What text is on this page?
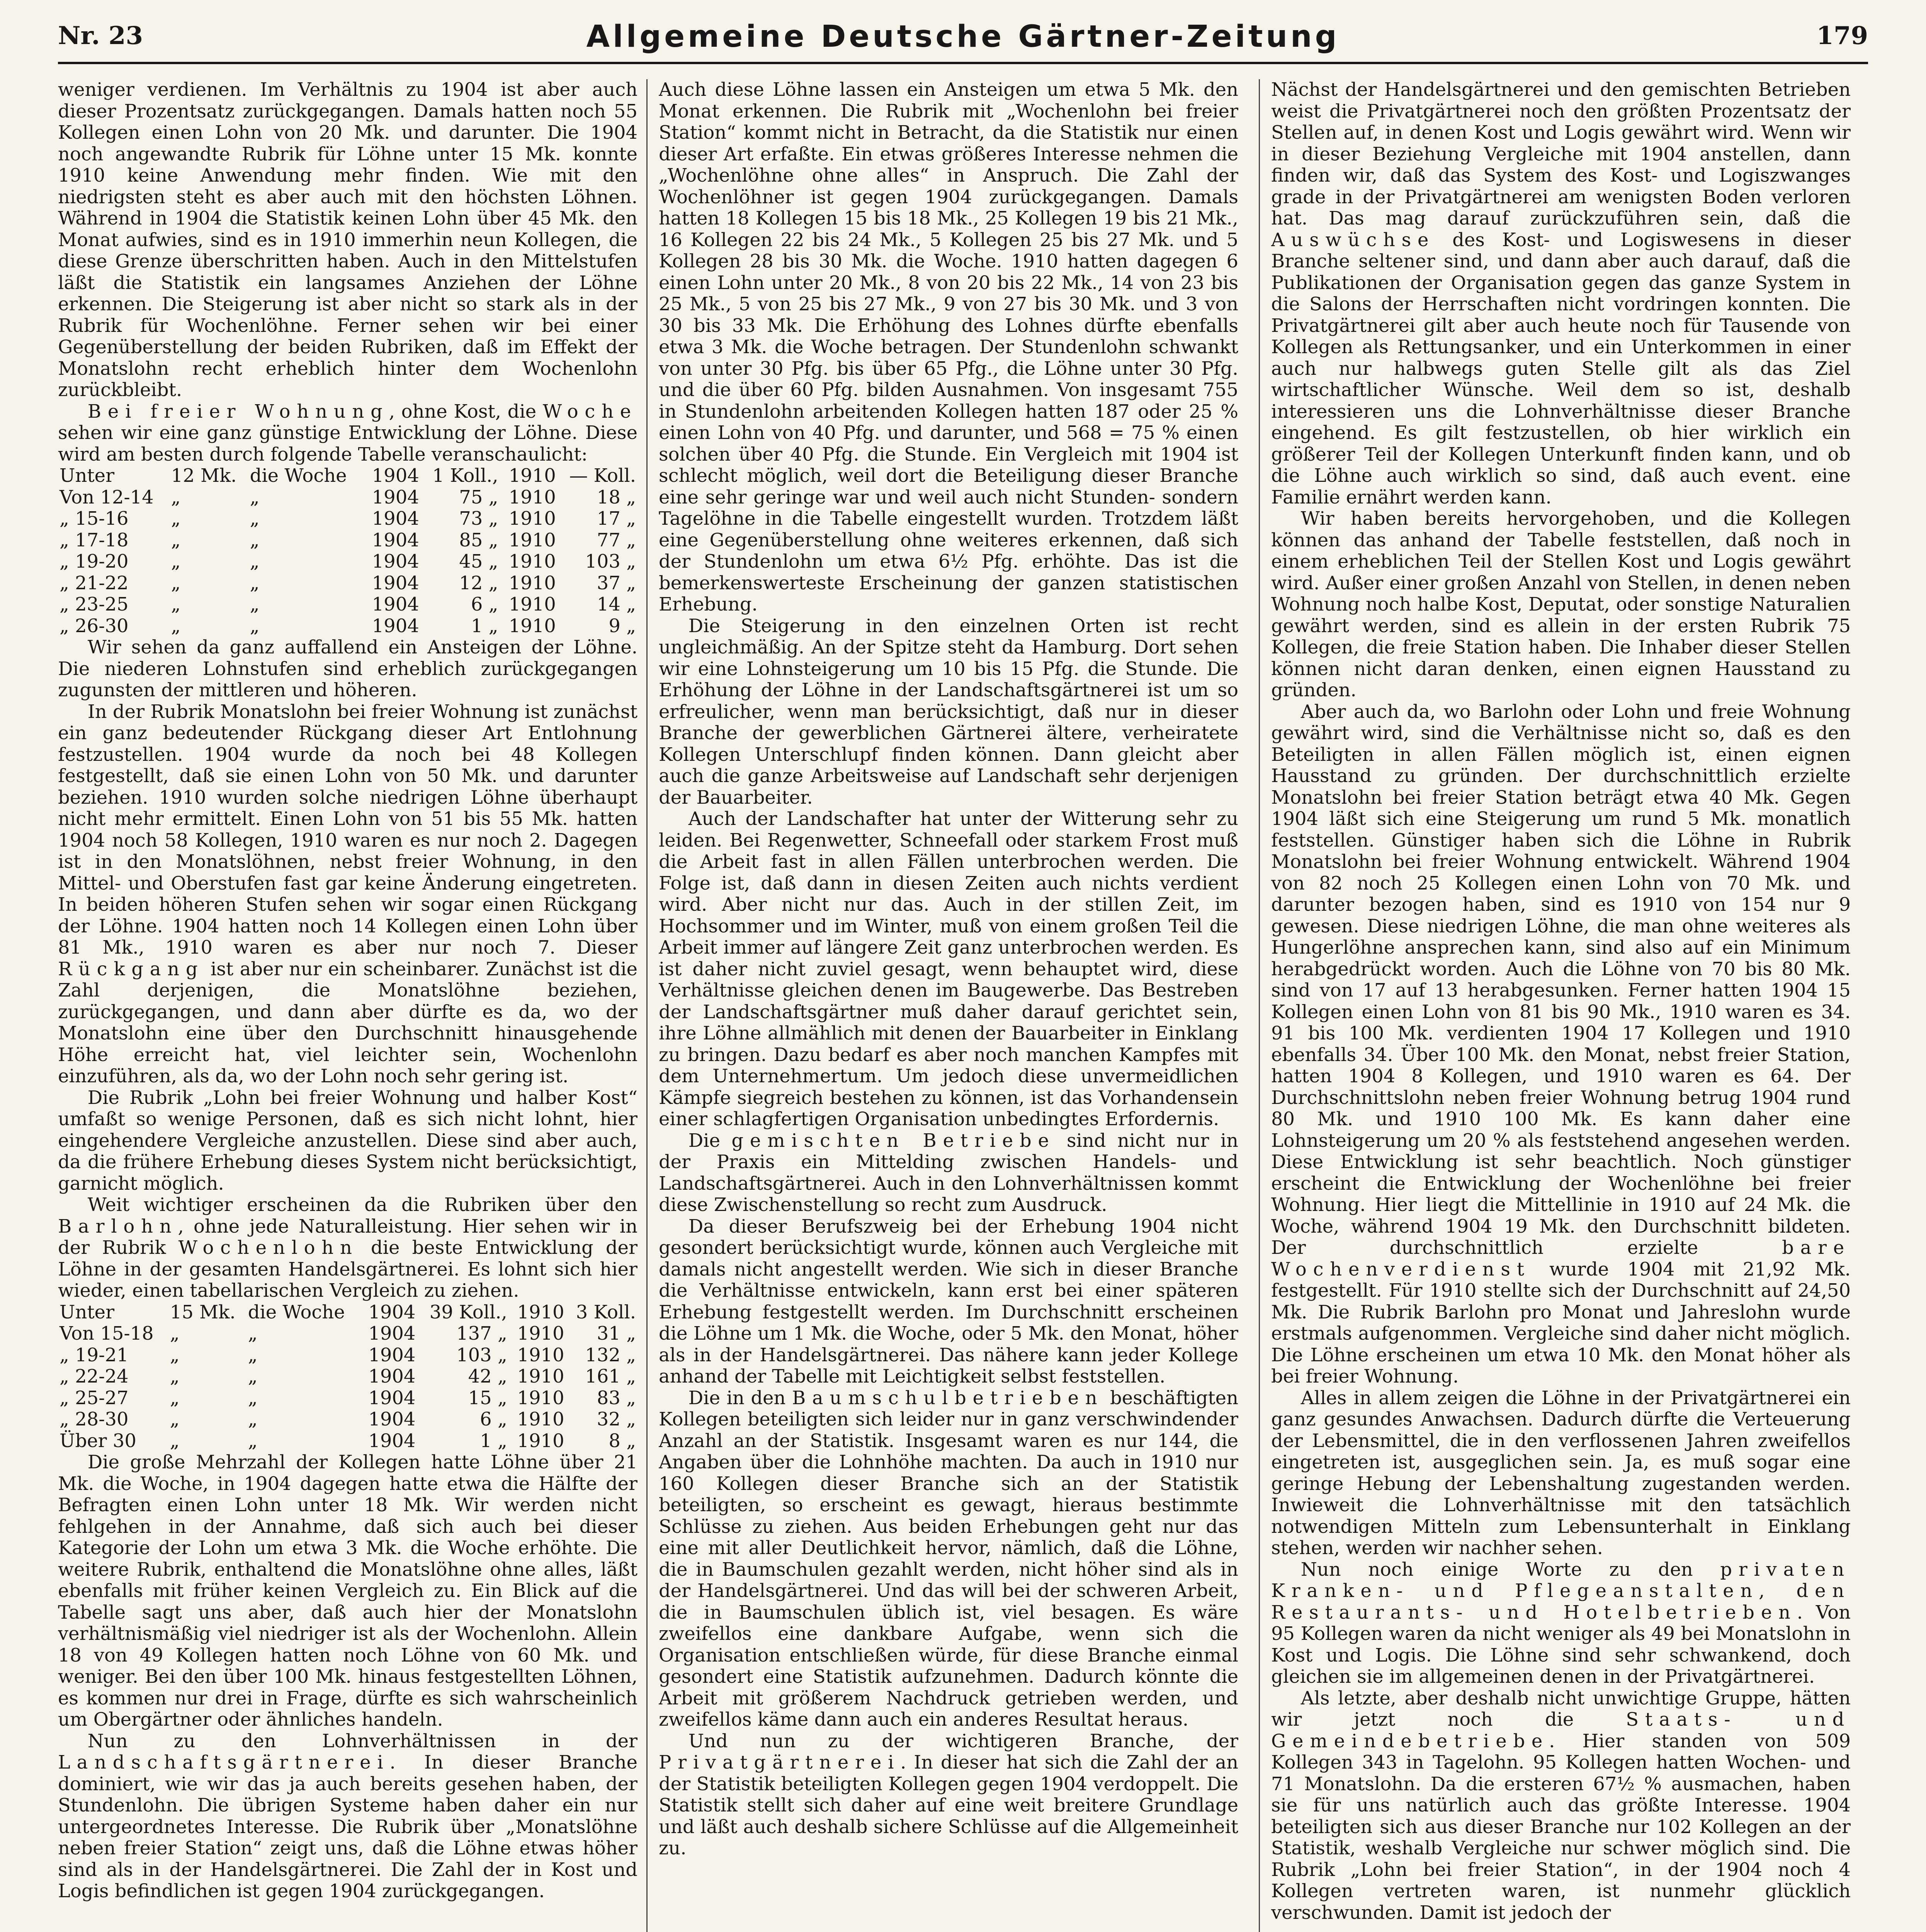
Nr. 23	Allgemeine Deutsche Gärtner-Zeitung	179

weniger verdienen. Im Verhältnis zu 1904 ist aber auch dieser Prozentsatz zurückgegangen. Damals hatten noch 55 Kollegen einen Lohn von 20 Mk. und darunter. Die 1904 noch angewandte Rubrik für Löhne unter 15 Mk. konnte 1910 keine Anwendung mehr finden. Wie mit den niedrigsten steht es aber auch mit den höchsten Löhnen. Während in 1904 die Statistik keinen Lohn über 45 Mk. den Monat aufwies, sind es in 1910 immerhin neun Kollegen, die diese Grenze überschritten haben. Auch in den Mittelstufen läßt die Statistik ein langsames Anziehen der Löhne erkennen. Die Steigerung ist aber nicht so stark als in der Rubrik für Wochenlöhne. Ferner sehen wir bei einer Gegenüberstellung der beiden Rubriken, daß im Effekt der Monatslohn recht erheblich hinter dem Wochenlohn zurückbleibt.

Bei freier Wohnung, ohne Kost, die Woche sehen wir eine ganz günstige Entwicklung der Löhne. Diese wird am besten durch folgende Tabelle veranschaulicht:

Unter	12 Mk.	die Woche	1904	1 Koll.,	1910	— Koll.
Von 12-14	„	„	1904	75 „	1910	18 „
„ 15-16	„	„	1904	73 „	1910	17 „
„ 17-18	„	„	1904	85 „	1910	77 „
„ 19-20	„	„	1904	45 „	1910	103 „
„ 21-22	„	„	1904	12 „	1910	37 „
„ 23-25	„	„	1904	6 „	1910	14 „
„ 26-30	„	„	1904	1 „	1910	9 „

Wir sehen da ganz auffallend ein Ansteigen der Löhne. Die niederen Lohnstufen sind erheblich zurückgegangen zugunsten der mittleren und höheren.

In der Rubrik Monatslohn bei freier Wohnung ist zunächst ein ganz bedeutender Rückgang dieser Art Entlohnung festzustellen. 1904 wurde da noch bei 48 Kollegen festgestellt, daß sie einen Lohn von 50 Mk. und darunter beziehen. 1910 wurden solche niedrigen Löhne überhaupt nicht mehr ermittelt. Einen Lohn von 51 bis 55 Mk. hatten 1904 noch 58 Kollegen, 1910 waren es nur noch 2. Dagegen ist in den Monatslöhnen, nebst freier Wohnung, in den Mittel- und Oberstufen fast gar keine Änderung eingetreten. In beiden höheren Stufen sehen wir sogar einen Rückgang der Löhne. 1904 hatten noch 14 Kollegen einen Lohn über 81 Mk., 1910 waren es aber nur noch 7. Dieser Rückgang ist aber nur ein scheinbarer. Zunächst ist die Zahl derjenigen, die Monatslöhne beziehen, zurückgegangen, und dann aber dürfte es da, wo der Monatslohn eine über den Durchschnitt hinausgehende Höhe erreicht hat, viel leichter sein, Wochenlohn einzuführen, als da, wo der Lohn noch sehr gering ist.

Die Rubrik „Lohn bei freier Wohnung und halber Kost“ umfaßt so wenige Personen, daß es sich nicht lohnt, hier eingehendere Vergleiche anzustellen. Diese sind aber auch, da die frühere Erhebung dieses System nicht berücksichtigt, garnicht möglich.

Weit wichtiger erscheinen da die Rubriken über den Barlohn, ohne jede Naturalleistung. Hier sehen wir in der Rubrik Wochenlohn die beste Entwicklung der Löhne in der gesamten Handelsgärtnerei. Es lohnt sich hier wieder, einen tabellarischen Vergleich zu ziehen.

Unter	15 Mk.	die Woche	1904	39 Koll.,	1910	3 Koll.
Von 15-18	„	„	1904	137 „	1910	31 „
„ 19-21	„	„	1904	103 „	1910	132 „
„ 22-24	„	„	1904	42 „	1910	161 „
„ 25-27	„	„	1904	15 „	1910	83 „
„ 28-30	„	„	1904	6 „	1910	32 „
Über 30	„	„	1904	1 „	1910	8 „

Die große Mehrzahl der Kollegen hatte Löhne über 21 Mk. die Woche, in 1904 dagegen hatte etwa die Hälfte der Befragten einen Lohn unter 18 Mk. Wir werden nicht fehlgehen in der Annahme, daß sich auch bei dieser Kategorie der Lohn um etwa 3 Mk. die Woche erhöhte. Die weitere Rubrik, enthaltend die Monatslöhne ohne alles, läßt ebenfalls mit früher keinen Vergleich zu. Ein Blick auf die Tabelle sagt uns aber, daß auch hier der Monatslohn verhältnismäßig viel niedriger ist als der Wochenlohn. Allein 18 von 49 Kollegen hatten noch Löhne von 60 Mk. und weniger. Bei den über 100 Mk. hinaus festgestellten Löhnen, es kommen nur drei in Frage, dürfte es sich wahrscheinlich um Obergärtner oder ähnliches handeln.

Nun zu den Lohnverhältnissen in der Landschaftsgärtnerei. In dieser Branche dominiert, wie wir das ja auch bereits gesehen haben, der Stundenlohn. Die übrigen Systeme haben daher ein nur untergeordnetes Interesse. Die Rubrik über „Monatslöhne neben freier Station“ zeigt uns, daß die Löhne etwas höher sind als in der Handelsgärtnerei. Die Zahl der in Kost und Logis befindlichen ist gegen 1904 zurückgegangen.

Auch diese Löhne lassen ein Ansteigen um etwa 5 Mk. den Monat erkennen. Die Rubrik mit „Wochenlohn bei freier Station“ kommt nicht in Betracht, da die Statistik nur einen dieser Art erfaßte. Ein etwas größeres Interesse nehmen die „Wochenlöhne ohne alles“ in Anspruch. Die Zahl der Wochenlöhner ist gegen 1904 zurückgegangen. Damals hatten 18 Kollegen 15 bis 18 Mk., 25 Kollegen 19 bis 21 Mk., 16 Kollegen 22 bis 24 Mk., 5 Kollegen 25 bis 27 Mk. und 5 Kollegen 28 bis 30 Mk. die Woche. 1910 hatten dagegen 6 einen Lohn unter 20 Mk., 8 von 20 bis 22 Mk., 14 von 23 bis 25 Mk., 5 von 25 bis 27 Mk., 9 von 27 bis 30 Mk. und 3 von 30 bis 33 Mk. Die Erhöhung des Lohnes dürfte ebenfalls etwa 3 Mk. die Woche betragen. Der Stundenlohn schwankt von unter 30 Pfg. bis über 65 Pfg., die Löhne unter 30 Pfg. und die über 60 Pfg. bilden Ausnahmen. Von insgesamt 755 in Stundenlohn arbeitenden Kollegen hatten 187 oder 25 % einen Lohn von 40 Pfg. und darunter, und 568 = 75 % einen solchen über 40 Pfg. die Stunde. Ein Vergleich mit 1904 ist schlecht möglich, weil dort die Beteiligung dieser Branche eine sehr geringe war und weil auch nicht Stunden- sondern Tagelöhne in die Tabelle eingestellt wurden. Trotzdem läßt eine Gegenüberstellung ohne weiteres erkennen, daß sich der Stundenlohn um etwa 6½ Pfg. erhöhte. Das ist die bemerkenswerteste Erscheinung der ganzen statistischen Erhebung.

Die Steigerung in den einzelnen Orten ist recht ungleichmäßig. An der Spitze steht da Hamburg. Dort sehen wir eine Lohnsteigerung um 10 bis 15 Pfg. die Stunde. Die Erhöhung der Löhne in der Landschaftsgärtnerei ist um so erfreulicher, wenn man berücksichtigt, daß nur in dieser Branche der gewerblichen Gärtnerei ältere, verheiratete Kollegen Unterschlupf finden können. Dann gleicht aber auch die ganze Arbeitsweise auf Landschaft sehr derjenigen der Bauarbeiter.

Auch der Landschafter hat unter der Witterung sehr zu leiden. Bei Regenwetter, Schneefall oder starkem Frost muß die Arbeit fast in allen Fällen unterbrochen werden. Die Folge ist, daß dann in diesen Zeiten auch nichts verdient wird. Aber nicht nur das. Auch in der stillen Zeit, im Hochsommer und im Winter, muß von einem großen Teil die Arbeit immer auf längere Zeit ganz unterbrochen werden. Es ist daher nicht zuviel gesagt, wenn behauptet wird, diese Verhältnisse gleichen denen im Baugewerbe. Das Bestreben der Landschaftsgärtner muß daher darauf gerichtet sein, ihre Löhne allmählich mit denen der Bauarbeiter in Einklang zu bringen. Dazu bedarf es aber noch manchen Kampfes mit dem Unternehmertum. Um jedoch diese unvermeidlichen Kämpfe siegreich bestehen zu können, ist das Vorhandensein einer schlagfertigen Organisation unbedingtes Erfordernis.

Die gemischten Betriebe sind nicht nur in der Praxis ein Mittelding zwischen Handels- und Landschaftsgärtnerei. Auch in den Lohnverhältnissen kommt diese Zwischenstellung so recht zum Ausdruck.

Da dieser Berufszweig bei der Erhebung 1904 nicht gesondert berücksichtigt wurde, können auch Vergleiche mit damals nicht angestellt werden. Wie sich in dieser Branche die Verhältnisse entwickeln, kann erst bei einer späteren Erhebung festgestellt werden. Im Durchschnitt erscheinen die Löhne um 1 Mk. die Woche, oder 5 Mk. den Monat, höher als in der Handelsgärtnerei. Das nähere kann jeder Kollege anhand der Tabelle mit Leichtigkeit selbst feststellen.

Die in den Baumschulbetrieben beschäftigten Kollegen beteiligten sich leider nur in ganz verschwindender Anzahl an der Statistik. Insgesamt waren es nur 144, die Angaben über die Lohnhöhe machten. Da auch in 1910 nur 160 Kollegen dieser Branche sich an der Statistik beteiligten, so erscheint es gewagt, hieraus bestimmte Schlüsse zu ziehen. Aus beiden Erhebungen geht nur das eine mit aller Deutlichkeit hervor, nämlich, daß die Löhne, die in Baumschulen gezahlt werden, nicht höher sind als in der Handelsgärtnerei. Und das will bei der schweren Arbeit, die in Baumschulen üblich ist, viel besagen. Es wäre zweifellos eine dankbare Aufgabe, wenn sich die Organisation entschließen würde, für diese Branche einmal gesondert eine Statistik aufzunehmen. Dadurch könnte die Arbeit mit größerem Nachdruck getrieben werden, und zweifellos käme dann auch ein anderes Resultat heraus.

Und nun zu der wichtigeren Branche, der Privatgärtnerei. In dieser hat sich die Zahl der an der Statistik beteiligten Kollegen gegen 1904 verdoppelt. Die Statistik stellt sich daher auf eine weit breitere Grundlage und läßt auch deshalb sichere Schlüsse auf die Allgemeinheit zu.

Nächst der Handelsgärtnerei und den gemischten Betrieben weist die Privatgärtnerei noch den größten Prozentsatz der Stellen auf, in denen Kost und Logis gewährt wird. Wenn wir in dieser Beziehung Vergleiche mit 1904 anstellen, dann finden wir, daß das System des Kost- und Logiszwanges grade in der Privatgärtnerei am wenigsten Boden verloren hat. Das mag darauf zurückzuführen sein, daß die Auswüchse des Kost- und Logiswesens in dieser Branche seltener sind, und dann aber auch darauf, daß die Publikationen der Organisation gegen das ganze System in die Salons der Herrschaften nicht vordringen konnten. Die Privatgärtnerei gilt aber auch heute noch für Tausende von Kollegen als Rettungsanker, und ein Unterkommen in einer auch nur halbwegs guten Stelle gilt als das Ziel wirtschaftlicher Wünsche. Weil dem so ist, deshalb interessieren uns die Lohnverhältnisse dieser Branche eingehend. Es gilt festzustellen, ob hier wirklich ein größerer Teil der Kollegen Unterkunft finden kann, und ob die Löhne auch wirklich so sind, daß auch event. eine Familie ernährt werden kann.

Wir haben bereits hervorgehoben, und die Kollegen können das anhand der Tabelle feststellen, daß noch in einem erheblichen Teil der Stellen Kost und Logis gewährt wird. Außer einer großen Anzahl von Stellen, in denen neben Wohnung noch halbe Kost, Deputat, oder sonstige Naturalien gewährt werden, sind es allein in der ersten Rubrik 75 Kollegen, die freie Station haben. Die Inhaber dieser Stellen können nicht daran denken, einen eignen Hausstand zu gründen.

Aber auch da, wo Barlohn oder Lohn und freie Wohnung gewährt wird, sind die Verhältnisse nicht so, daß es den Beteiligten in allen Fällen möglich ist, einen eignen Hausstand zu gründen. Der durchschnittlich erzielte Monatslohn bei freier Station beträgt etwa 40 Mk. Gegen 1904 läßt sich eine Steigerung um rund 5 Mk. monatlich feststellen. Günstiger haben sich die Löhne in Rubrik Monatslohn bei freier Wohnung entwickelt. Während 1904 von 82 noch 25 Kollegen einen Lohn von 70 Mk. und darunter bezogen haben, sind es 1910 von 154 nur 9 gewesen. Diese niedrigen Löhne, die man ohne weiteres als Hungerlöhne ansprechen kann, sind also auf ein Minimum herabgedrückt worden. Auch die Löhne von 70 bis 80 Mk. sind von 17 auf 13 herabgesunken. Ferner hatten 1904 15 Kollegen einen Lohn von 81 bis 90 Mk., 1910 waren es 34. 91 bis 100 Mk. verdienten 1904 17 Kollegen und 1910 ebenfalls 34. Über 100 Mk. den Monat, nebst freier Station, hatten 1904 8 Kollegen, und 1910 waren es 64. Der Durchschnittslohn neben freier Wohnung betrug 1904 rund 80 Mk. und 1910 100 Mk. Es kann daher eine Lohnsteigerung um 20 % als feststehend angesehen werden. Diese Entwicklung ist sehr beachtlich. Noch günstiger erscheint die Entwicklung der Wochenlöhne bei freier Wohnung. Hier liegt die Mittellinie in 1910 auf 24 Mk. die Woche, während 1904 19 Mk. den Durchschnitt bildeten. Der durchschnittlich erzielte	bare Wochenverdienst wurde 1904 mit 21,92 Mk. festgestellt. Für 1910 stellte sich der Durchschnitt auf 24,50 Mk. Die Rubrik Barlohn pro Monat und Jahreslohn wurde erstmals aufgenommen. Vergleiche sind daher nicht möglich. Die Löhne erscheinen um etwa 10 Mk. den Monat höher als bei freier Wohnung.

Alles in allem zeigen die Löhne in der Privatgärtnerei ein ganz gesundes Anwachsen. Dadurch dürfte die Verteuerung der Lebensmittel, die in den verflossenen Jahren zweifellos eingetreten ist, ausgeglichen sein. Ja, es muß sogar eine geringe Hebung der Lebenshaltung zugestanden werden. Inwieweit die Lohnverhältnisse mit den tatsächlich notwendigen Mitteln zum Lebensunterhalt in Einklang stehen, werden wir nachher sehen.

Nun noch einige Worte zu den privaten Kranken- und Pflegeanstalten, den Restaurants- und Hotelbetrieben. Von 95 Kollegen waren da nicht weniger als 49 bei Monatslohn in Kost und Logis. Die Löhne sind sehr schwankend, doch gleichen sie im allgemeinen denen in der Privatgärtnerei.

Als letzte, aber deshalb nicht unwichtige Gruppe, hätten wir jetzt noch die	Staats- und Gemeindebetriebe. Hier standen von 509 Kollegen 343 in Tagelohn. 95 Kollegen hatten Wochen- und 71 Monatslohn. Da die ersteren 67½ % ausmachen, haben sie für uns natürlich auch das größte Interesse. 1904 beteiligten sich aus dieser Branche nur 102 Kollegen an der Statistik, weshalb Vergleiche nur schwer möglich sind. Die Rubrik „Lohn bei freier Station“, in der 1904 noch 4 Kollegen vertreten waren, ist nunmehr glücklich verschwunden. Damit ist jedoch der
